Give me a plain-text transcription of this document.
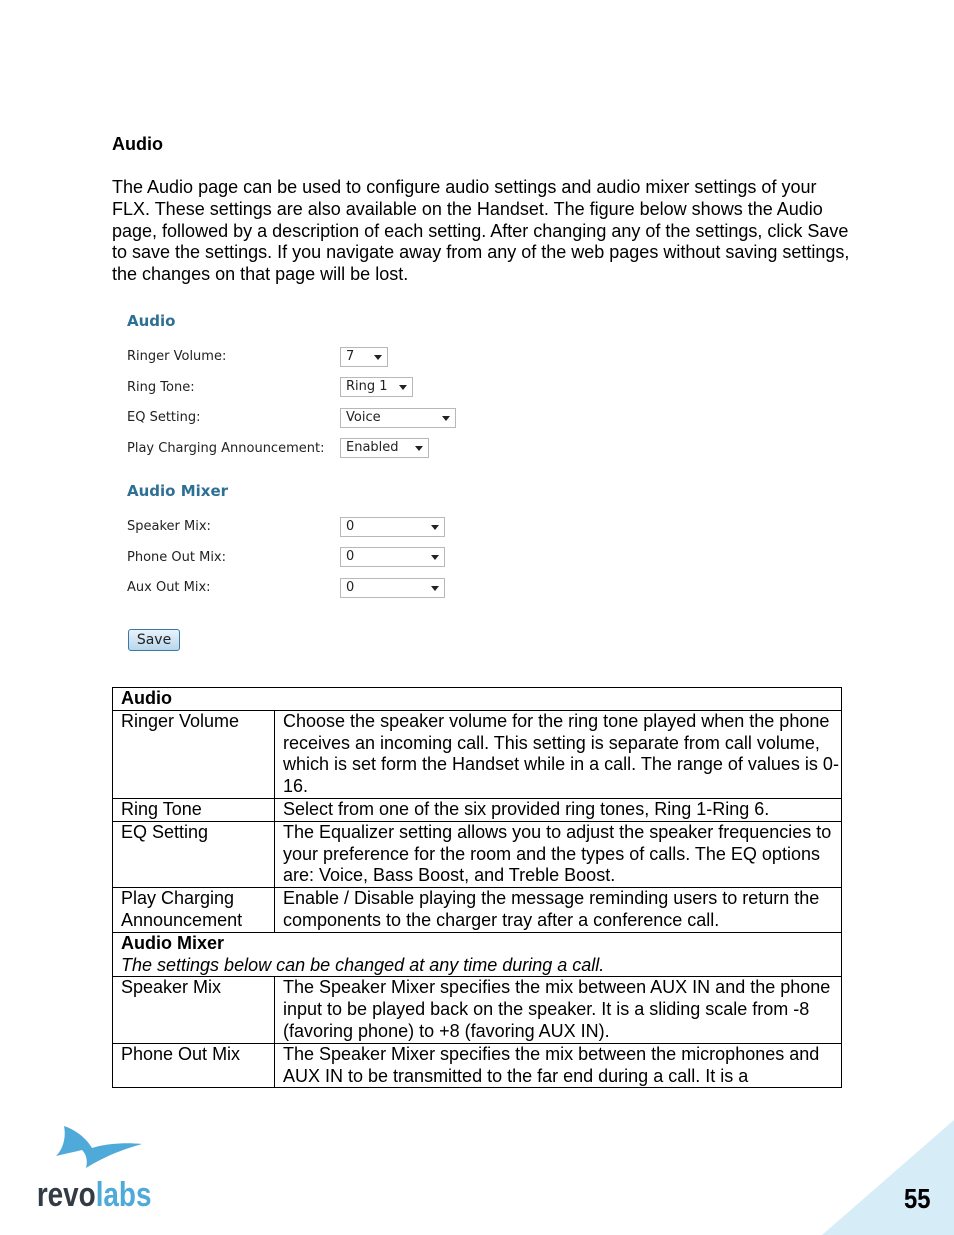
Audio
The Audio page can be used to configure audio settings and audio mixer settings of your FLX. These settings are also available on the Handset. The figure below shows the Audio page, followed by a description of each setting. After changing any of the settings, click Save to save the settings. If you navigate away from any of the web pages without saving settings, the changes on that page will be lost.
Audio
Ringer Volume:	7
Ring Tone:	Ring 1
EQ Setting:	Voice
Play Charging Announcement:	Enabled
Audio Mixer
Speaker Mix:	0
Phone Out Mix:	0
Aux Out Mix:	0
Save
Audio	
Ringer Volume	Choose the speaker volume for the ring tone played when the phone receives an incoming call. This setting is separate from call volume, which is set form the Handset while in a call. The range of values is 0-16.
Ring Tone	Select from one of the six provided ring tones, Ring 1-Ring 6.
EQ Setting	The Equalizer setting allows you to adjust the speaker frequencies to your preference for the room and the types of calls. The EQ options are: Voice, Bass Boost, and Treble Boost.
Play Charging Announcement	Enable / Disable playing the message reminding users to return the components to the charger tray after a conference call.

Audio Mixer
The settings below can be changed at any time during a call.	

Speaker Mix	The Speaker Mixer specifies the mix between AUX IN and the phone input to be played back on the speaker. It is a sliding scale from -8 (favoring phone) to +8 (favoring AUX IN).
Phone Out Mix	The Speaker Mixer specifies the mix between the microphones and AUX IN to be transmitted to the far end during a call. It is a
revolabs	55
